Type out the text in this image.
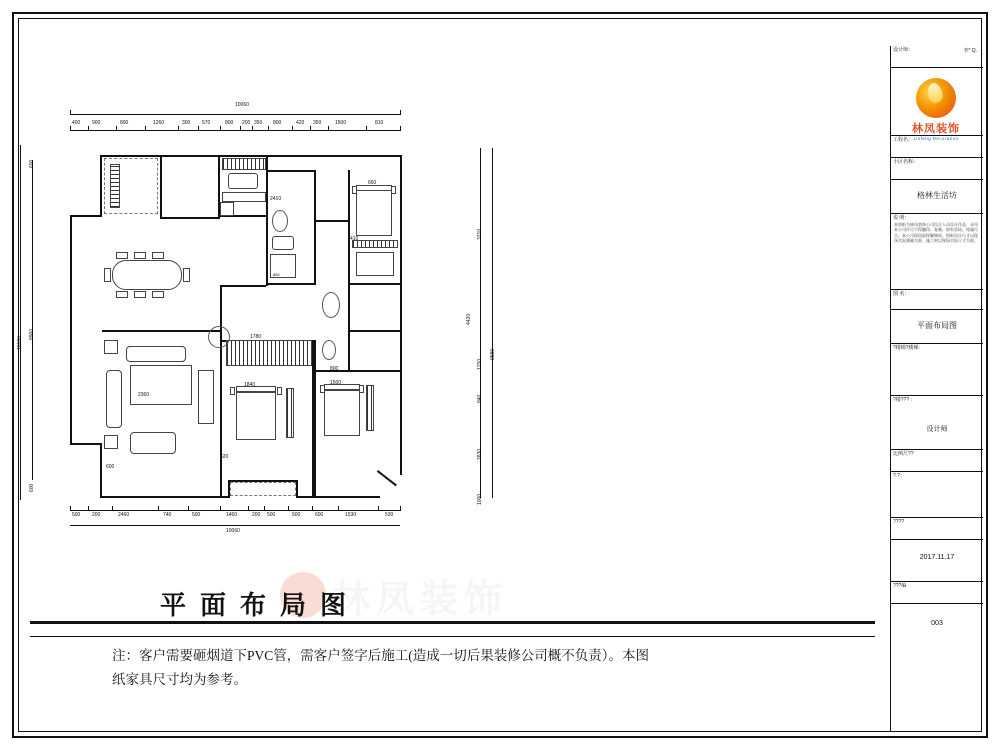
设计师：	李* Q.
工程名：
小区名称：
格林生活坊
说 明：
本图纸为林凤装饰公司设计人员设计作品，未经本公司许可不得翻印、复制。如有雷同，纯属巧合。本公司保留最终解释权。图纸设计尺寸以现场实际测量为准，施工时以现场实际尺寸为准。
图 名：
平面布局图
?楼梯?楼梯:
?楼??? :
设计师
比例尺??
? ?：
????
2017.11.17
???编
003
林凤装饰
Linfeng Decoration
10060
400 900	800	1260	300 570	800 200 350 800	420 350	1500	810
10160
8960
600
600
3210
1750
840
2630
1000
9580
4420
500 200	2460	740	500	1460	200 500	500	600	1530	530
10060
880
660
1500
1840
1780
2360
2410
410
600
800
420
林凤装饰
平面布局图
注：客户需要砸烟道下PVC管，需客户签字后施工(造成一切后果装修公司概不负责）。本图
纸家具尺寸均为参考。
